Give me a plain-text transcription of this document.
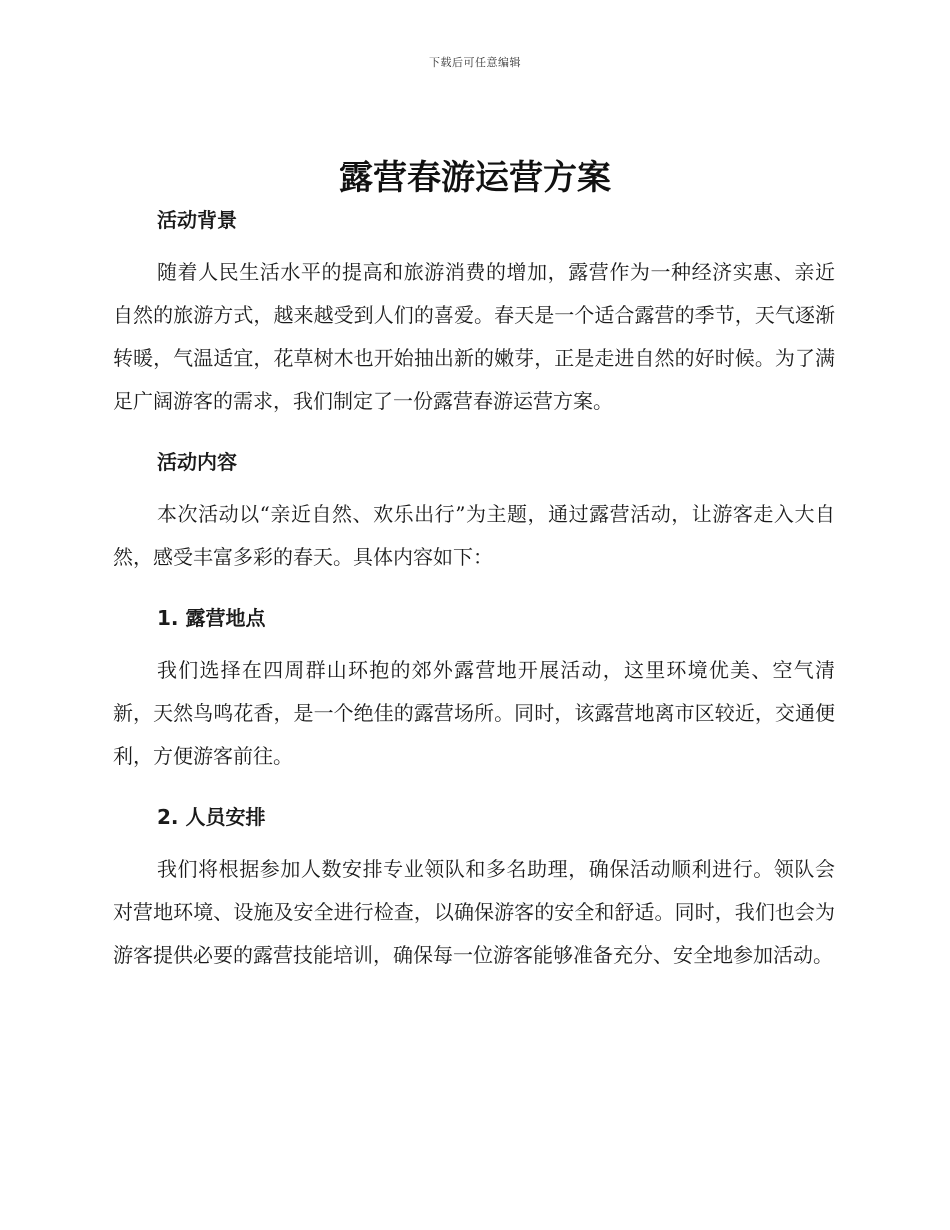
下载后可任意编辑
露营春游运营方案
活动背景

随着人民生活水平的提高和旅游消费的增加，露营作为一种经济实惠、亲近自然的旅游方式，越来越受到人们的喜爱。春天是一个适合露营的季节，天气逐渐转暖，气温适宜，花草树木也开始抽出新的嫩芽，正是走进自然的好时候。为了满足广阔游客的需求，我们制定了一份露营春游运营方案。

活动内容

本次活动以“亲近自然、欢乐出行”为主题，通过露营活动，让游客走入大自然，感受丰富多彩的春天。具体内容如下：

1. 露营地点

我们选择在四周群山环抱的郊外露营地开展活动，这里环境优美、空气清新，天然鸟鸣花香，是一个绝佳的露营场所。同时，该露营地离市区较近，交通便利，方便游客前往。

2. 人员安排

我们将根据参加人数安排专业领队和多名助理，确保活动顺利进行。领队会对营地环境、设施及安全进行检查，以确保游客的安全和舒适。同时，我们也会为游客提供必要的露营技能培训，确保每一位游客能够准备充分、安全地参加活动。
